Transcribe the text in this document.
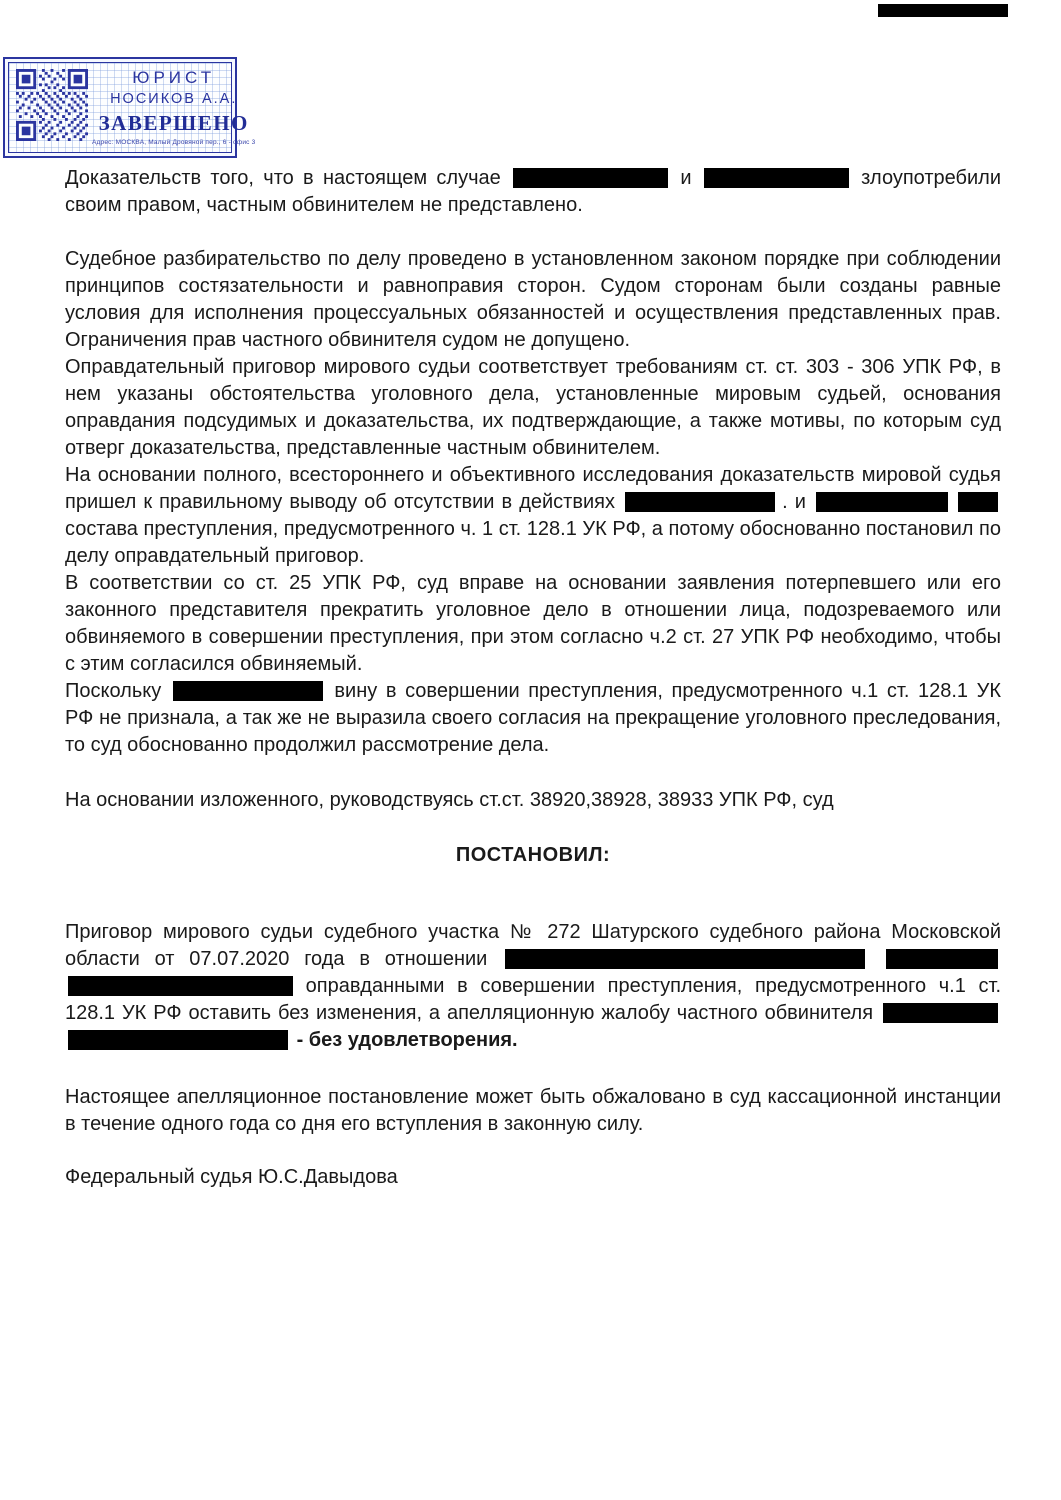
ЮРИСТ
НОСИКОВ А.А.
ЗАВЕРШЕНО
Адрес: МОСКВА, Малый Дровяной пер., 6 - офис 3

Доказательств того, что в настоящем случае	и	злоупотребили своим правом, частным обвинителем не представлено.

Судебное разбирательство по делу проведено в установленном законом порядке при соблюдении принципов состязательности и равноправия сторон. Судом сторонам были созданы равные условия для исполнения процессуальных обязанностей и осуществления представленных прав. Ограничения прав частного обвинителя судом не допущено.

Оправдательный приговор мирового судьи соответствует требованиям ст. ст. 303 - 306 УПК РФ, в нем указаны обстоятельства уголовного дела, установленные мировым судьей, основания оправдания подсудимых и доказательства, их подтверждающие, а также мотивы, по которым суд отверг доказательства, представленные частным обвинителем.

На основании полного, всестороннего и объективного исследования доказательств мировой судья пришел к правильному выводу об отсутствии в действиях	. и   состава преступления, предусмотренного ч. 1 ст. 128.1 УК РФ, а потому обоснованно постановил по делу оправдательный приговор.

В соответствии со ст. 25 УПК РФ, суд вправе на основании заявления потерпевшего или его законного представителя прекратить уголовное дело в отношении лица, подозреваемого или обвиняемого в совершении преступления, при этом согласно ч.2 ст. 27 УПК РФ необходимо, чтобы с этим согласился обвиняемый.

Поскольку	вину в совершении преступления, предусмотренного ч.1 ст. 128.1 УК РФ не признала, а так же не выразила своего согласия на прекращение уголовного преследования, то суд обоснованно продолжил рассмотрение дела.

На основании изложенного, руководствуясь ст.ст. 38920,38928, 38933 УПК РФ, суд

ПОСТАНОВИЛ:

Приговор мирового судьи судебного участка № 272 Шатурского судебного района Московской области от 07.07.2020 года в отношении    оправданными в совершении преступления, предусмотренного ч.1 ст. 128.1 УК РФ оставить без изменения, а апелляционную жалобу частного обвинителя   - без удовлетворения.

Настоящее апелляционное постановление может быть обжаловано в суд кассационной инстанции в течение одного года со дня его вступления в законную силу.

Федеральный судья Ю.С.Давыдова
